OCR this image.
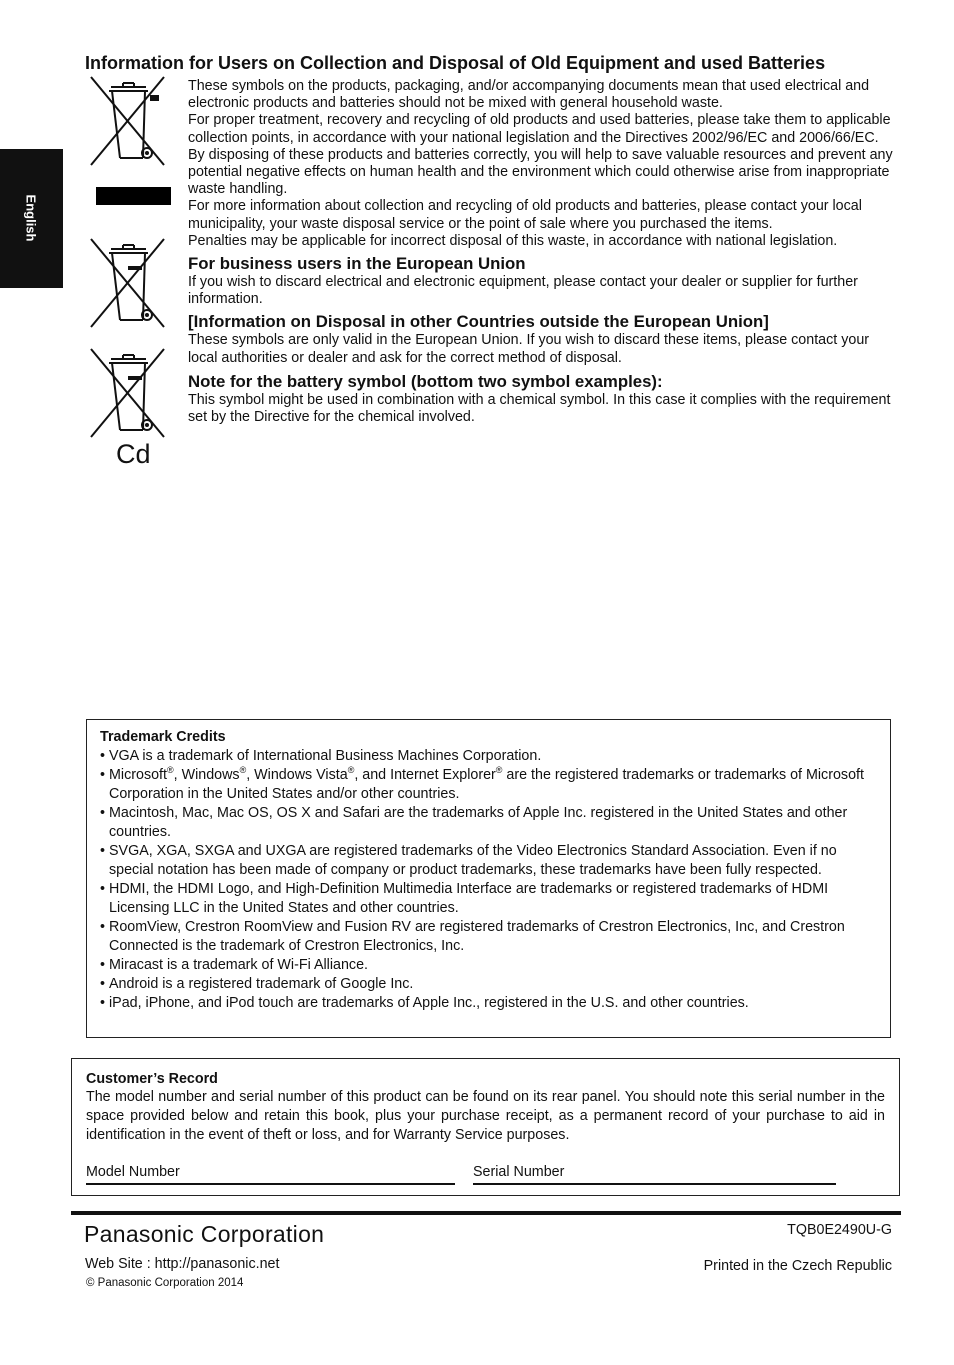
English
Information for Users on Collection and Disposal of Old Equipment and used Batteries
Cd

These symbols on the products, packaging, and/or accompanying documents mean that used electrical and electronic products and batteries should not be mixed with general household waste.

For proper treatment, recovery and recycling of old products and used batteries, please take them to applicable collection points, in accordance with your national legislation and the Directives 2002/96/EC and 2006/66/EC.

By disposing of these products and batteries correctly, you will help to save valuable resources and prevent any potential negative effects on human health and the environment which could otherwise arise from inappropriate waste handling.

For more information about collection and recycling of old products and batteries, please contact your local municipality, your waste disposal service or the point of sale where you purchased the items.

Penalties may be applicable for incorrect disposal of this waste, in accordance with national legislation.

For business users in the European Union

If you wish to discard electrical and electronic equipment, please contact your dealer or supplier for further information.

[Information on Disposal in other Countries outside the European Union]

These symbols are only valid in the European Union. If you wish to discard these items, please contact your local authorities or dealer and ask for the correct method of disposal.

Note for the battery symbol (bottom two symbol examples):

This symbol might be used in combination with a chemical symbol. In this case it complies with the requirement set by the Directive for the chemical involved.

Trademark Credits

• VGA is a trademark of International Business Machines Corporation.
• Microsoft®, Windows®, Windows Vista®, and Internet Explorer® are the registered trademarks or trademarks of Microsoft Corporation in the United States and/or other countries.
• Macintosh, Mac, Mac OS, OS X and Safari are the trademarks of Apple Inc. registered in the United States and other countries.
• SVGA, XGA, SXGA and UXGA are registered trademarks of the Video Electronics Standard Association. Even if no special notation has been made of company or product trademarks, these trademarks have been fully respected.
• HDMI, the HDMI Logo, and High-Definition Multimedia Interface are trademarks or registered trademarks of HDMI Licensing LLC in the United States and other countries.
• RoomView, Crestron RoomView and Fusion RV are registered trademarks of Crestron Electronics, Inc, and Crestron Connected is the trademark of Crestron Electronics, Inc.
• Miracast is a trademark of Wi-Fi Alliance.
• Android is a registered trademark of Google Inc.
• iPad, iPhone, and iPod touch are trademarks of Apple Inc., registered in the U.S. and other countries.

Customer’s Record

The model number and serial number of this product can be found on its rear panel. You should note this serial number in the space provided below and retain this book, plus your purchase receipt, as a permanent record of your purchase to aid in identification in the event of theft or loss, and for Warranty Service purposes.

Model Number	Serial Number
Panasonic Corporation	TQB0E2490U-G
Web Site : http://panasonic.net
© Panasonic Corporation 2014
Printed in the Czech Republic
